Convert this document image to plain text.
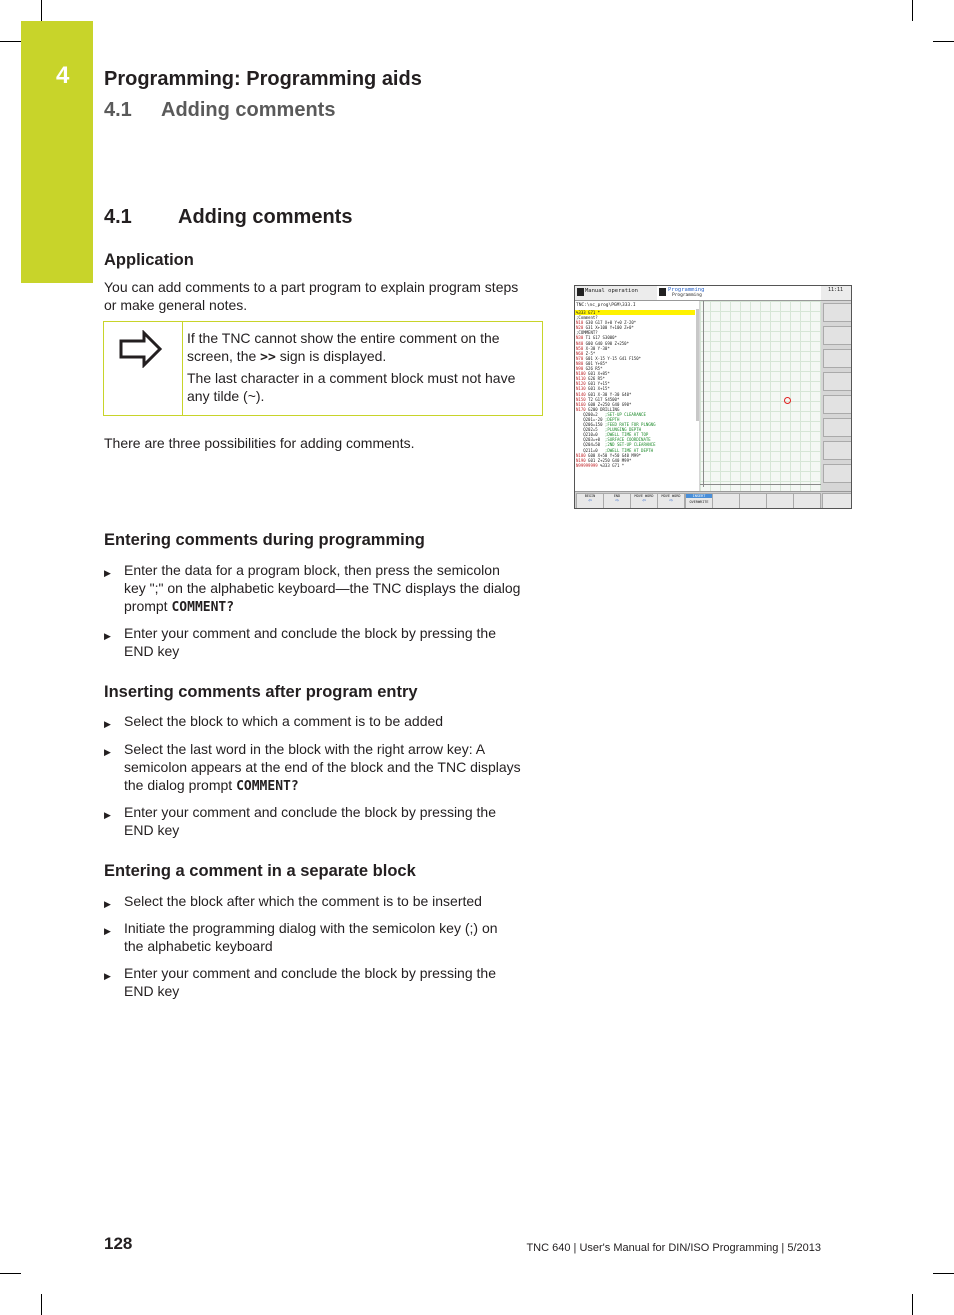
4 Programming: Programming aids
4.1 Adding comments
4.1 Adding comments
Application
You can add comments to a part program to explain program steps
or make general notes.
If the TNC cannot show the entire comment on the
screen, the >> sign is displayed.
The last character in a comment block must not have
any tilde (~).
There are three possibilities for adding comments.
Manual operation	Programming
Programming
11:11
TNC:\nc_prog\PGM\333.I
%333 G71 *
;Comment?
N10 G30 G17 X+0 Y+0 Z-20*
N20 G31 X+100 Y+100 Z+0*
;COMMENT?
N30 T1 G17 S3000*
N40 G00 G40 G90 Z+250*
N50 X-30 Y-30*
N60 Z-5*
N70 G01 X-15 Y-15 G41 F150*
N80 G01 Y+85*
N90 G26 R5*
N100 G01 X+85*
N110 G26 R5*
N120 G01 Y+15*
N130 G01 X+15*
N140 G01 X-30 Y-30 G40*
N150 T2 G17 S4500*
N160 G00 Z+250 G40 G90*
N170 G200 DRILLING
Q200=2   ;SET-UP CLEARANCE
Q201=-20 ;DEPTH
Q206=150 ;FEED RATE FOR PLNGNG
Q202=5   ;PLUNGING DEPTH
Q210=0   ;DWELL TIME AT TOP
Q203=+0  ;SURFACE COORDINATE
Q204=50  ;2ND SET-UP CLEARANCE
Q211=0   ;DWELL TIME AT DEPTH
N180 G00 X+50 Y+50 G40 M99*
N190 G01 Z+250 G40 M99*
N99999999 %333 G71 *
BEGIN
⇦
END
⇨
MOVE WORD
⇦
MOVE WORD
⇨
INSERT
OVERWRITE
Entering comments during programming
▶ Enter the data for a program block, then press the semicolon
key ";" on the alphabetic keyboard—the TNC displays the dialog
prompt COMMENT?
▶ Enter your comment and conclude the block by pressing the
END key
Inserting comments after program entry
▶ Select the block to which a comment is to be added
▶ Select the last word in the block with the right arrow key: A
semicolon appears at the end of the block and the TNC displays
the dialog prompt COMMENT?
▶ Enter your comment and conclude the block by pressing the
END key
Entering a comment in a separate block
▶ Select the block after which the comment is to be inserted
▶ Initiate the programming dialog with the semicolon key (;) on
the alphabetic keyboard
▶ Enter your comment and conclude the block by pressing the
END key
128	TNC 640 | User's Manual for DIN/ISO Programming | 5/2013
